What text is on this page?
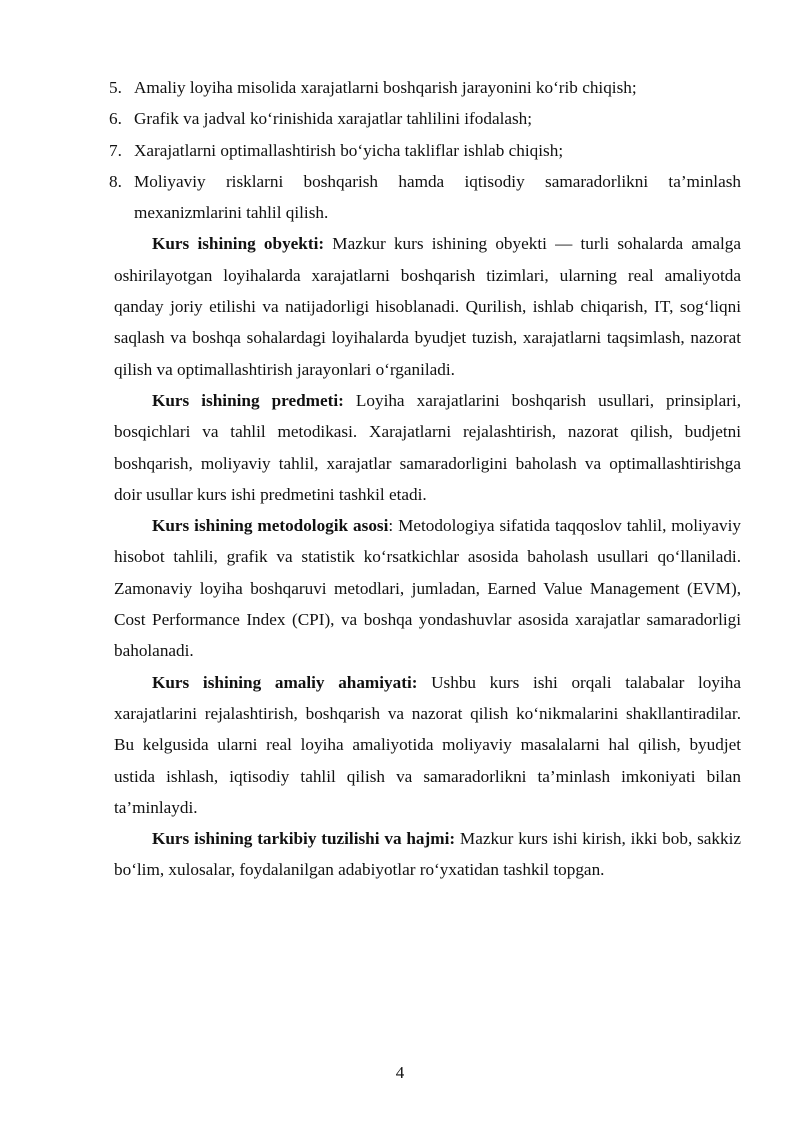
5. Amaliy loyiha misolida xarajatlarni boshqarish jarayonini ko‘rib chiqish;
6. Grafik va jadval ko‘rinishida xarajatlar tahlilini ifodalash;
7. Xarajatlarni optimallashtirish bo‘yicha takliflar ishlab chiqish;
8. Moliyaviy risklarni boshqarish hamda iqtisodiy samaradorlikni ta’minlash mexanizmlarini tahlil qilish.

Kurs ishining obyekti: Mazkur kurs ishining obyekti — turli sohalarda amalga oshirilayotgan loyihalarda xarajatlarni boshqarish tizimlari, ularning real amaliyotda qanday joriy etilishi va natijadorligi hisoblanadi. Qurilish, ishlab chiqarish, IT, sog‘liqni saqlash va boshqa sohalardagi loyihalarda byudjet tuzish, xarajatlarni taqsimlash, nazorat qilish va optimallashtirish jarayonlari o‘rganiladi.

Kurs ishining predmeti: Loyiha xarajatlarini boshqarish usullari, prinsiplari, bosqichlari va tahlil metodikasi. Xarajatlarni rejalashtirish, nazorat qilish, budjetni boshqarish, moliyaviy tahlil, xarajatlar samaradorligini baholash va optimallashtirishga doir usullar kurs ishi predmetini tashkil etadi.

Kurs ishining metodologik asosi: Metodologiya sifatida taqqoslov tahlil, moliyaviy hisobot tahlili, grafik va statistik ko‘rsatkichlar asosida baholash usullari qo‘llaniladi. Zamonaviy loyiha boshqaruvi metodlari, jumladan, Earned Value Management (EVM), Cost Performance Index (CPI), va boshqa yondashuvlar asosida xarajatlar samaradorligi baholanadi.

Kurs ishining amaliy ahamiyati: Ushbu kurs ishi orqali talabalar loyiha xarajatlarini rejalashtirish, boshqarish va nazorat qilish ko‘nikmalarini shakllantiradilar. Bu kelgusida ularni real loyiha amaliyotida moliyaviy masalalarni hal qilish, byudjet ustida ishlash, iqtisodiy tahlil qilish va samaradorlikni ta’minlash imkoniyati bilan ta’minlaydi.

Kurs ishining tarkibiy tuzilishi va hajmi: Mazkur kurs ishi kirish, ikki bob, sakkiz bo‘lim, xulosalar, foydalanilgan adabiyotlar ro‘yxatidan tashkil topgan.

4
